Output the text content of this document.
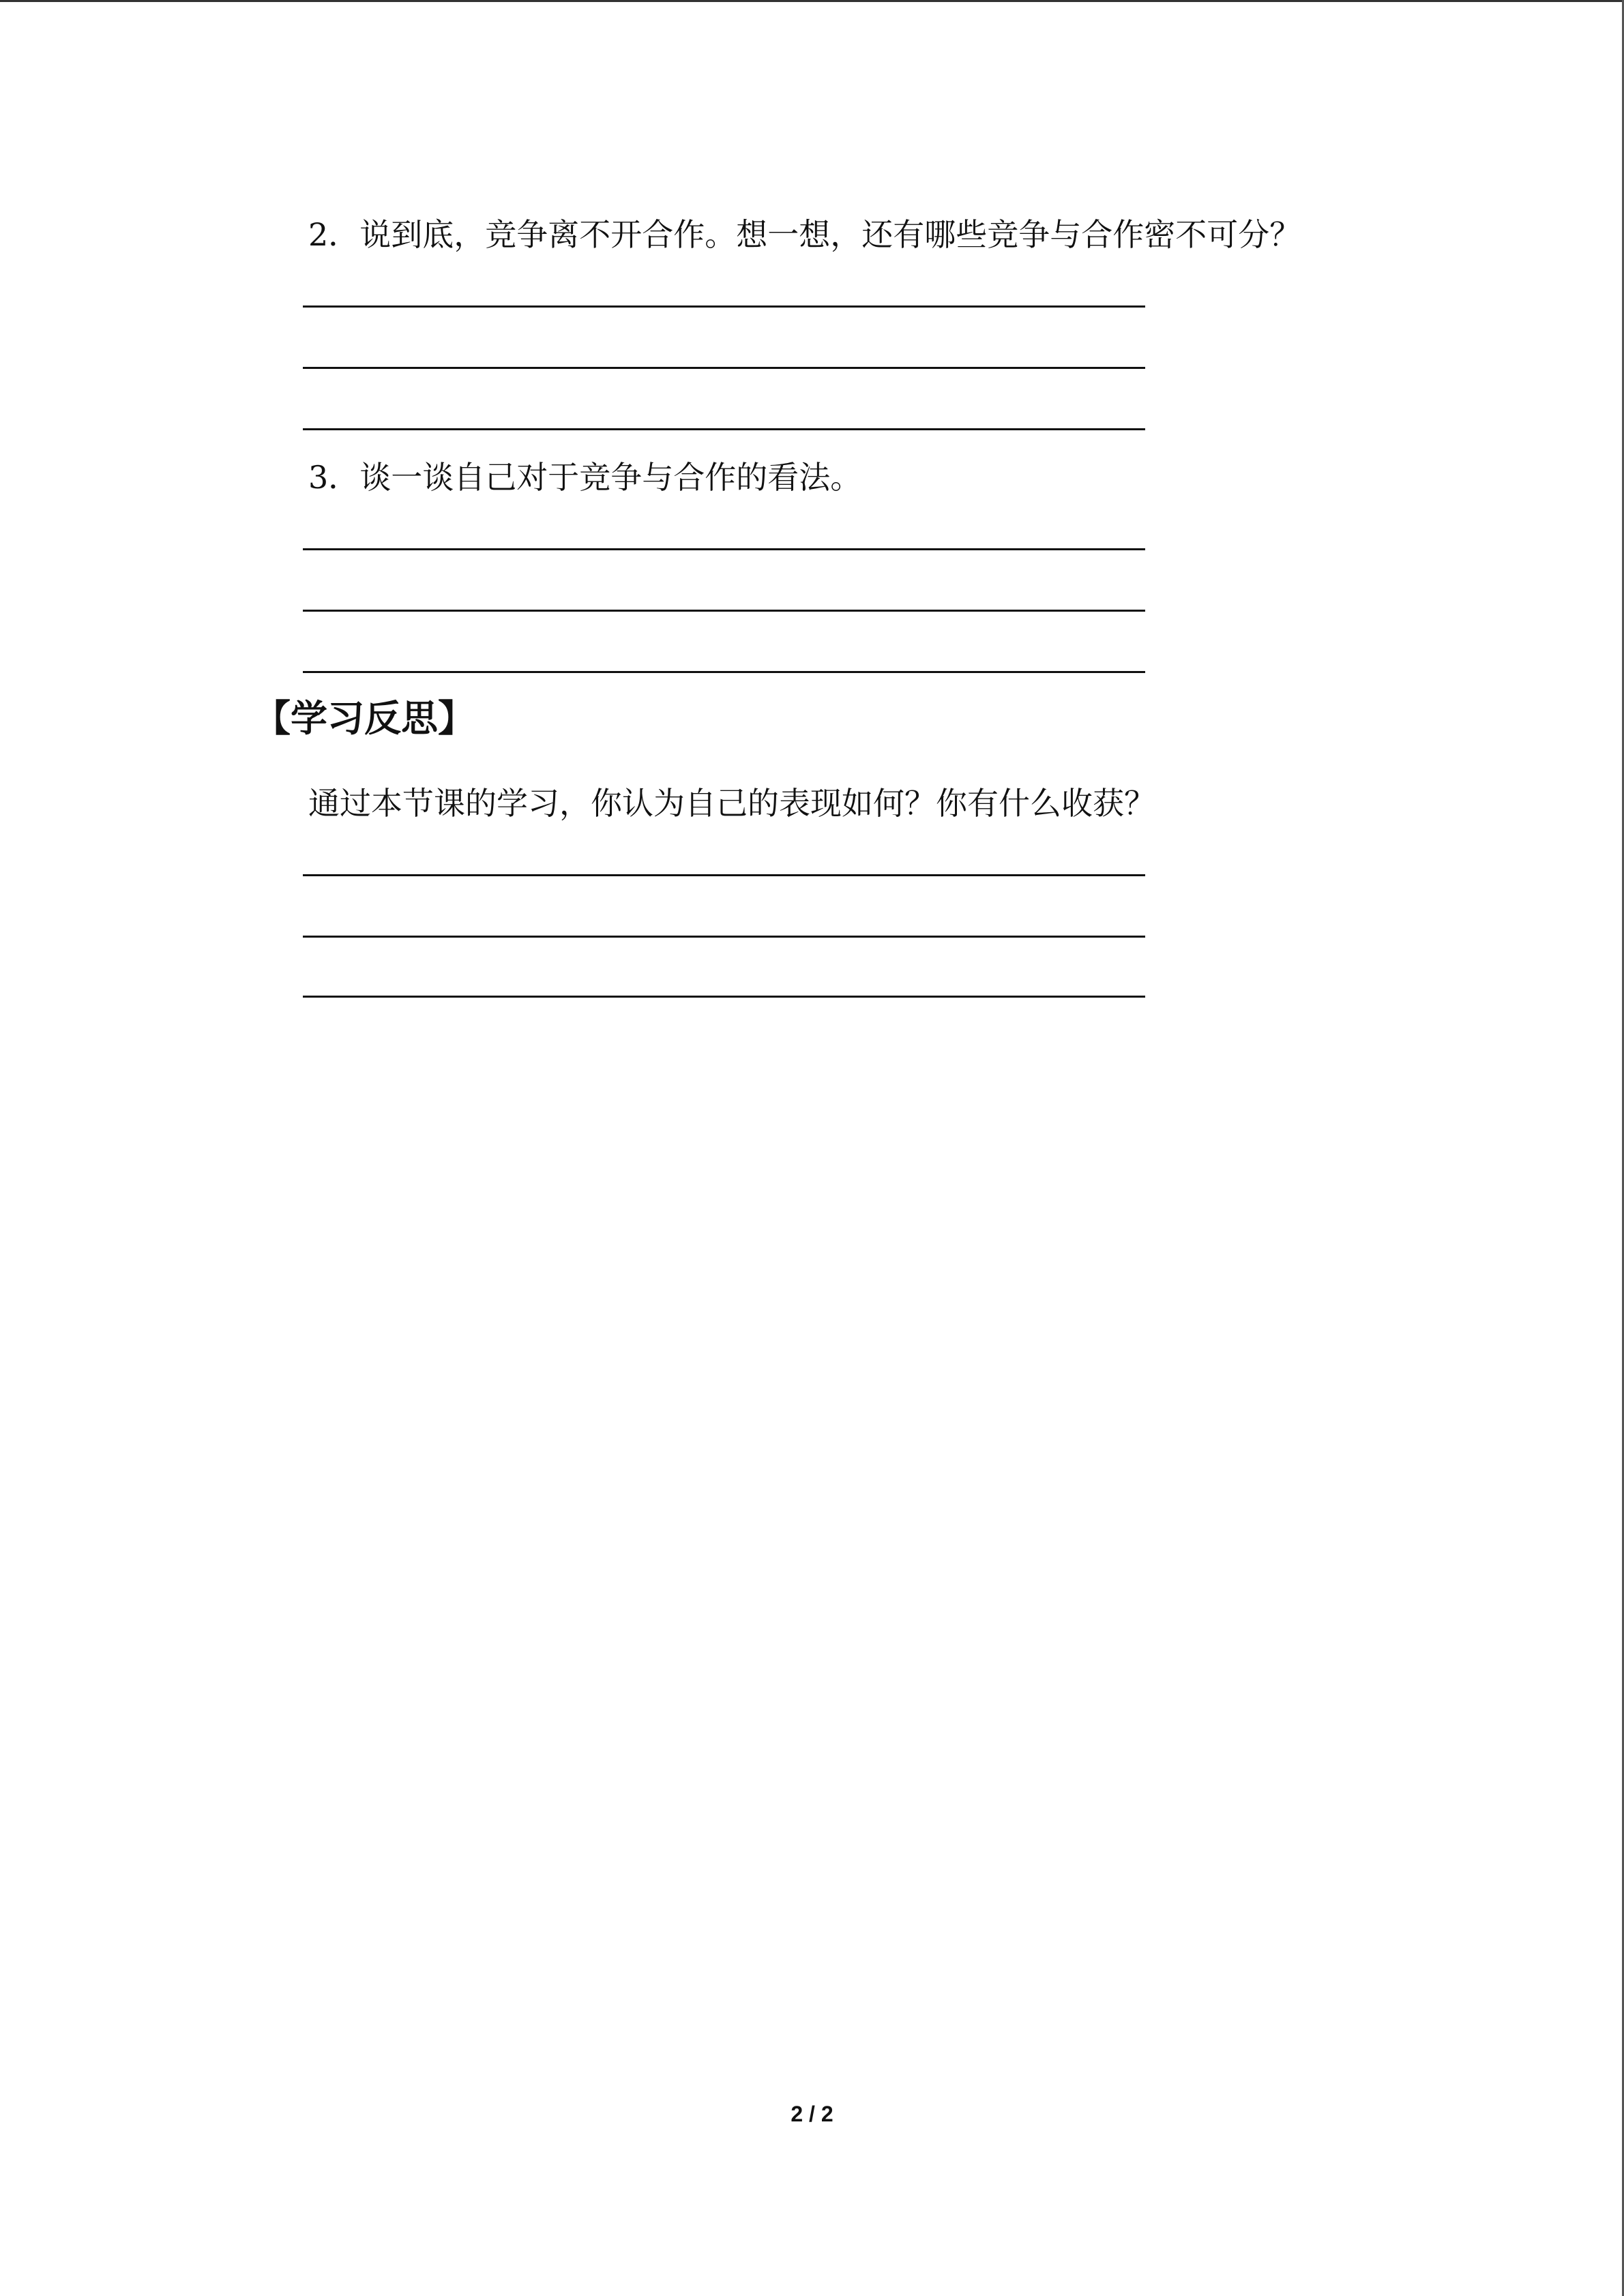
2．说到底，竞争离不开合作。想一想，还有哪些竞争与合作密不可分？
3．谈一谈自己对于竞争与合作的看法。
【学习反思】
通过本节课的学习，你认为自己的表现如何？你有什么收获？
2 / 2
